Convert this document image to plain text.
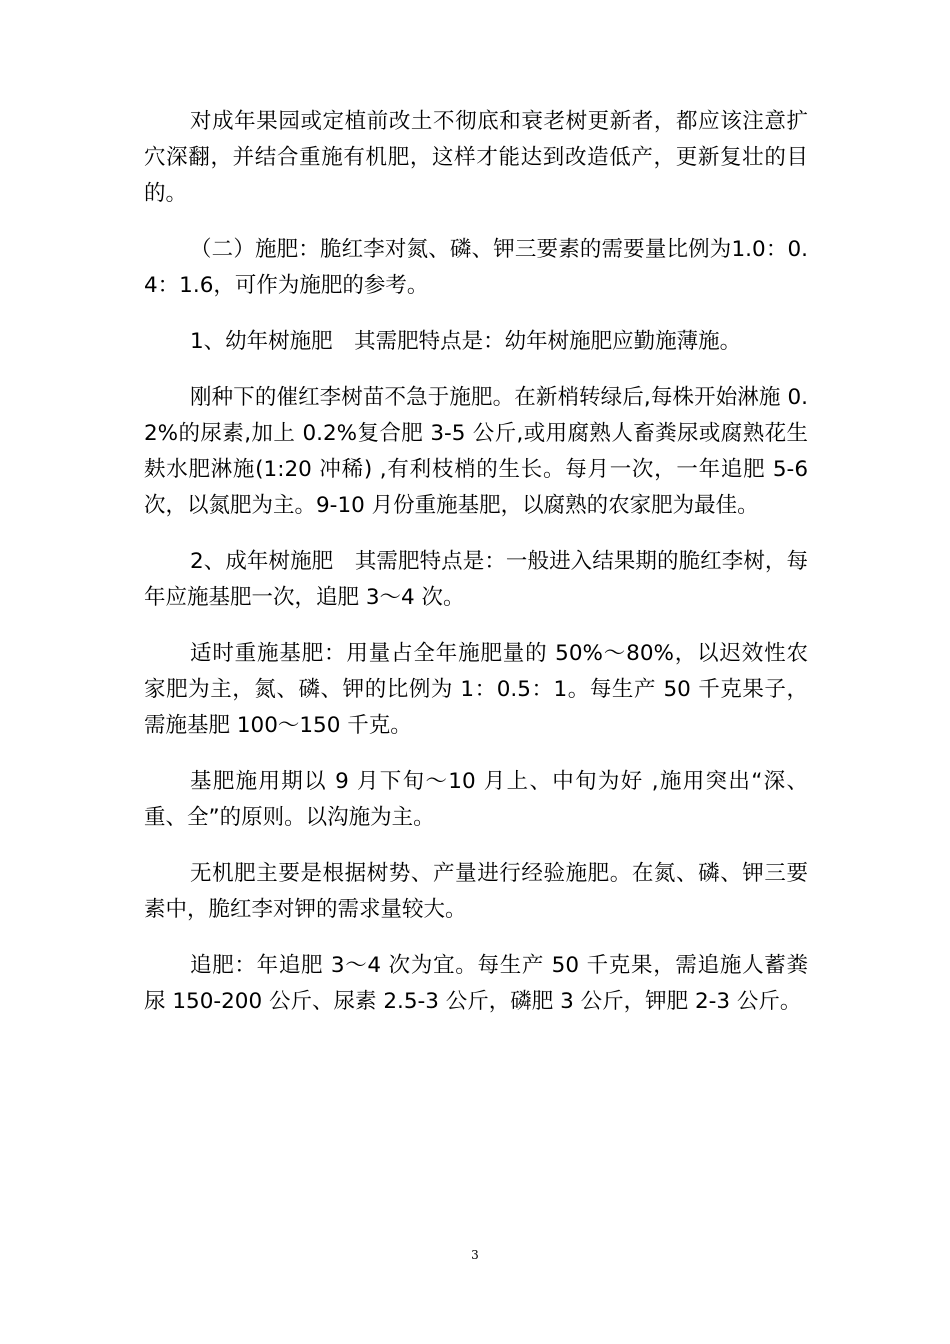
对成年果园或定植前改土不彻底和衰老树更新者，都应该注意扩穴深翻，并结合重施有机肥，这样才能达到改造低产，更新复壮的目的。

（二）施肥：脆红李对氮、磷、钾三要素的需要量比例为1.0：0.4：1.6，可作为施肥的参考。

1、幼年树施肥　其需肥特点是：幼年树施肥应勤施薄施。

刚种下的催红李树苗不急于施肥。在新梢转绿后,每株开始淋施 0.2%的尿素,加上 0.2%复合肥 3-5 公斤,或用腐熟人畜粪尿或腐熟花生麸水肥淋施(1:20 冲稀) ,有利枝梢的生长。每月一次，一年追肥 5-6 次，以氮肥为主。9-10 月份重施基肥，以腐熟的农家肥为最佳。

2、成年树施肥　其需肥特点是：一般进入结果期的脆红李树，每年应施基肥一次，追肥 3～4 次。

适时重施基肥：用量占全年施肥量的 50%～80%，以迟效性农家肥为主，氮、磷、钾的比例为 1：0.5：1。每生产 50 千克果子，需施基肥 100～150 千克。

基肥施用期以 9 月下旬～10 月上、中旬为好 ,施用突出“深、重、全”的原则。以沟施为主。

无机肥主要是根据树势、产量进行经验施肥。在氮、磷、钾三要素中，脆红李对钾的需求量较大。

追肥：年追肥 3～4 次为宜。每生产 50 千克果，需追施人蓄粪尿 150-200 公斤、尿素 2.5-3 公斤，磷肥 3 公斤，钾肥 2-3 公斤。

3
